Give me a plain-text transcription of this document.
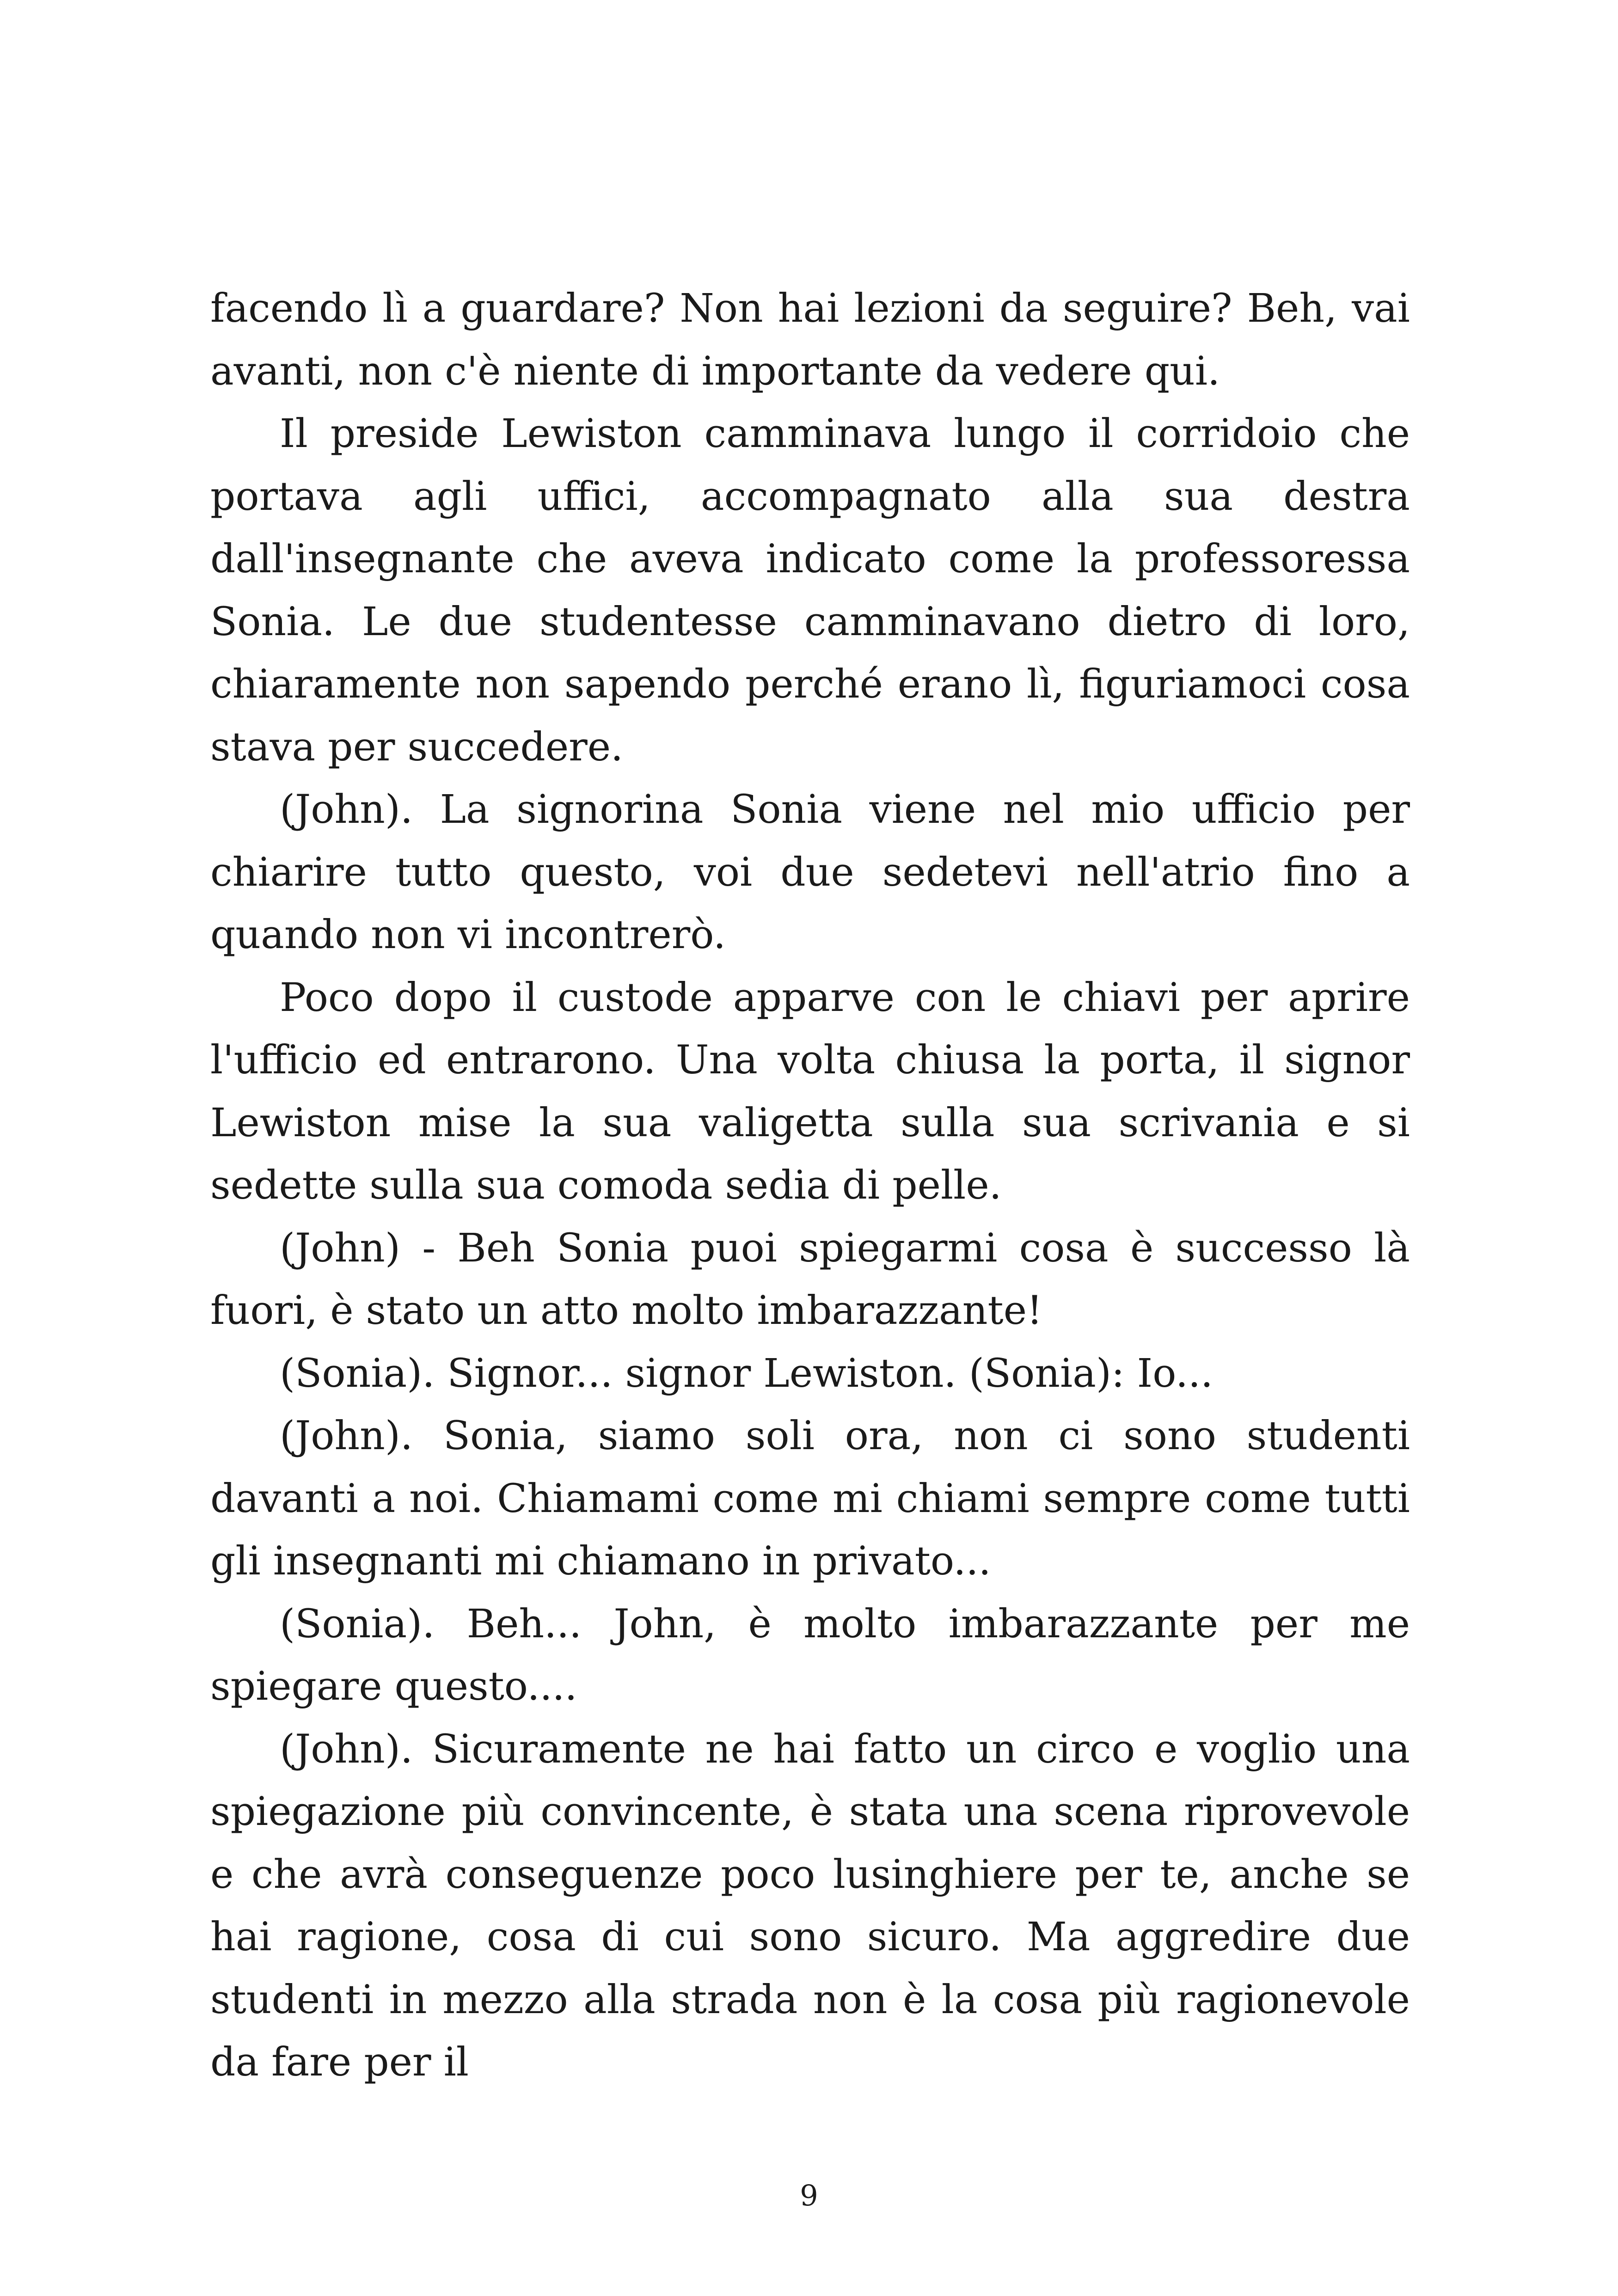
facendo lì a guardare? Non hai lezioni da seguire? Beh, vai avanti, non c'è niente di importante da vedere qui.

Il preside Lewiston camminava lungo il corridoio che portava agli uffici, accompagnato alla sua destra dall'insegnante che aveva indicato come la professoressa Sonia. Le due studentesse camminavano dietro di loro, chiaramente non sapendo perché erano lì, figuriamoci cosa stava per succedere.

(John). La signorina Sonia viene nel mio ufficio per chiarire tutto questo, voi due sedetevi nell'atrio fino a quando non vi incontrerò.

Poco dopo il custode apparve con le chiavi per aprire l'ufficio ed entrarono. Una volta chiusa la porta, il signor Lewiston mise la sua valigetta sulla sua scrivania e si sedette sulla sua comoda sedia di pelle.

(John) - Beh Sonia puoi spiegarmi cosa è successo là fuori, è stato un atto molto imbarazzante!

(Sonia). Signor... signor Lewiston. (Sonia): Io...

(John). Sonia, siamo soli ora, non ci sono studenti davanti a noi. Chiamami come mi chiami sempre come tutti gli insegnanti mi chiamano in privato...

(Sonia). Beh... John, è molto imbarazzante per me spiegare questo....

(John). Sicuramente ne hai fatto un circo e voglio una spiegazione più convincente, è stata una scena riprovevole e che avrà conseguenze poco lusinghiere per te, anche se hai ragione, cosa di cui sono sicuro. Ma aggredire due studenti in mezzo alla strada non è la cosa più ragionevole da fare per il

9
